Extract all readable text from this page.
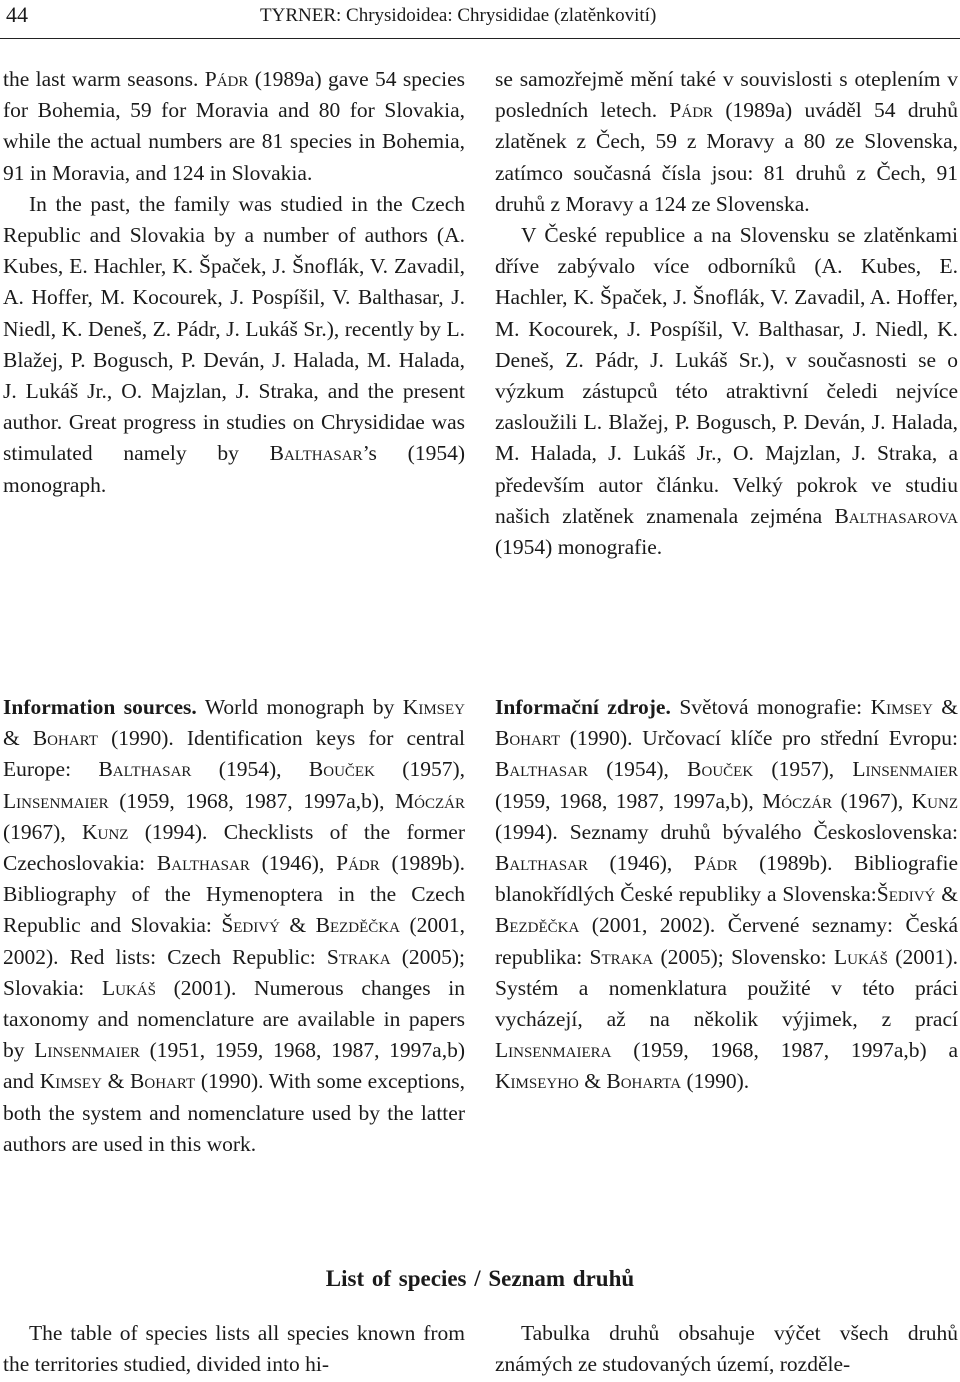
44	TYRNER: Chrysidoidea: Chrysididae (zlatěnkovití)

the last warm seasons. Pádr (1989a) gave 54 species for Bohemia, 59 for Moravia and 80 for Slovakia, while the actual numbers are 81 species in Bohemia, 91 in Moravia, and 124 in Slovakia.

In the past, the family was studied in the Czech Republic and Slovakia by a number of authors (A. Kubes, E. Hachler, K. Špaček, J. Šnoflák, V. Zavadil, A. Hoffer, M. Kocourek, J. Pospíšil, V. Balthasar, J. Niedl, K. Deneš, Z. Pádr, J. Lukáš Sr.), recently by L. Blažej, P. Bogusch, P. Deván, J. Halada, M. Halada, J. Lukáš Jr., O. Majzlan, J. Straka, and the present author. Great progress in studies on Chrysididae was stimulated namely by Balthasar’s (1954) monograph.

se samozřejmě mění také v souvislosti s oteplením v posledních letech. Pádr (1989a) uváděl 54 druhů zlatěnek z Čech, 59 z Moravy a 80 ze Slovenska, zatímco současná čísla jsou: 81 druhů z Čech, 91 druhů z Moravy a 124 ze Slovenska.

V České republice a na Slovensku se zlatěnkami dříve zabývalo více odborníků (A. Kubes, E. Hachler, K. Špaček, J. Šnoflák, V. Zavadil, A. Hoffer, M. Kocourek, J. Pospíšil, V. Balthasar, J. Niedl, K. Deneš, Z. Pádr, J. Lukáš Sr.), v současnosti se o výzkum zástupců této atraktivní čeledi nejvíce zasloužili L. Blažej, P. Bogusch, P. Deván, J. Halada, M. Halada, J. Lukáš Jr., O. Majzlan, J. Straka, a především autor článku. Velký pokrok ve studiu našich zlatěnek znamenala zejména Balthasarova (1954) monografie.

Information sources. World monograph by Kimsey & Bohart (1990). Identification keys for central Europe: Balthasar (1954), Bouček (1957), Linsenmaier (1959, 1968, 1987, 1997a,b), Móczár (1967), Kunz (1994). Checklists of the former Czechoslovakia: Balthasar (1946), Pádr (1989b). Bibliography of the Hymenoptera in the Czech Republic and Slovakia: Šedivý & Bezděčka (2001, 2002). Red lists: Czech Republic: Straka (2005); Slovakia: Lukáš (2001). Numerous changes in taxonomy and nomenclature are available in papers by Linsenmaier (1951, 1959, 1968, 1987, 1997a,b) and Kimsey & Bohart (1990). With some exceptions, both the system and nomenclature used by the latter authors are used in this work.

Informační zdroje. Světová monografie: Kimsey & Bohart (1990). Určovací klíče pro střední Evropu: Balthasar (1954), Bouček (1957), Linsenmaier (1959, 1968, 1987, 1997a,b), Móczár (1967), Kunz (1994). Seznamy druhů bývalého Československa: Balthasar (1946), Pádr (1989b). Bibliografie blanokřídlých České republiky a Slovenska:Šedivý & Bezděčka (2001, 2002). Červené seznamy: Česká republika: Straka (2005); Slovensko: Lukáš (2001). Systém a nomenklatura použité v této práci vycházejí, až na několik výjimek, z prací Linsenmaiera (1959, 1968, 1987, 1997a,b) a Kimseyho & Boharta (1990).

List of species / Seznam druhů

The table of species lists all species known from the territories studied, divided into hi-

Tabulka druhů obsahuje výčet všech druhů známých ze studovaných území, rozděle-
